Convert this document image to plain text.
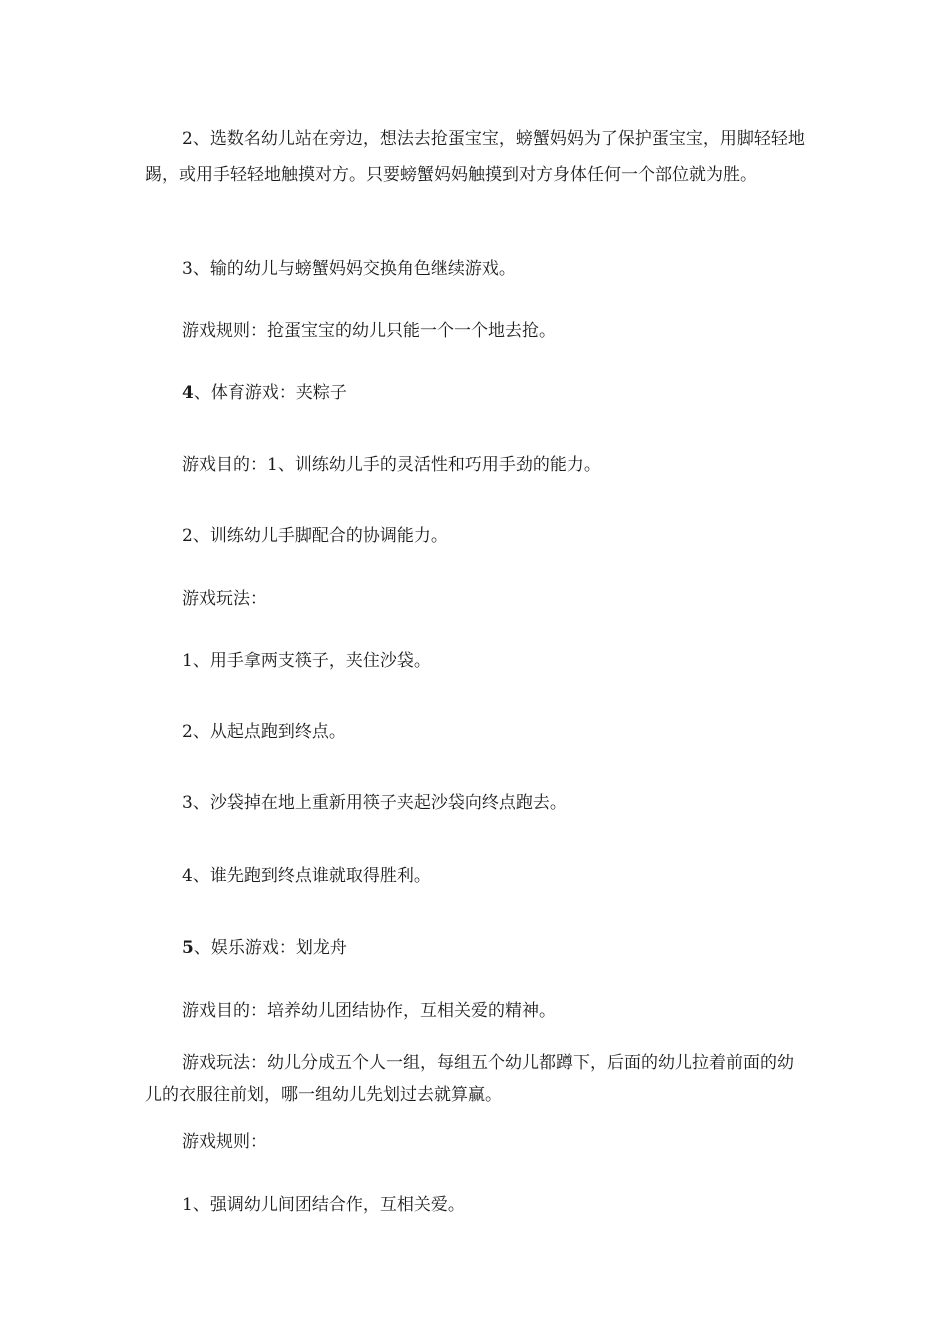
2、选数名幼儿站在旁边，想法去抢蛋宝宝，螃蟹妈妈为了保护蛋宝宝，用脚轻轻地踢，或用手轻轻地触摸对方。只要螃蟹妈妈触摸到对方身体任何一个部位就为胜。

3、输的幼儿与螃蟹妈妈交换角色继续游戏。

游戏规则：抢蛋宝宝的幼儿只能一个一个地去抢。

4、体育游戏：夹粽子

游戏目的：1、训练幼儿手的灵活性和巧用手劲的能力。

2、训练幼儿手脚配合的协调能力。

游戏玩法：

1、用手拿两支筷子，夹住沙袋。

2、从起点跑到终点。

3、沙袋掉在地上重新用筷子夹起沙袋向终点跑去。

4、谁先跑到终点谁就取得胜利。

5、娱乐游戏：划龙舟

游戏目的：培养幼儿团结协作，互相关爱的精神。

游戏玩法：幼儿分成五个人一组，每组五个幼儿都蹲下，后面的幼儿拉着前面的幼儿的衣服往前划，哪一组幼儿先划过去就算赢。

游戏规则：

1、强调幼儿间团结合作，互相关爱。
